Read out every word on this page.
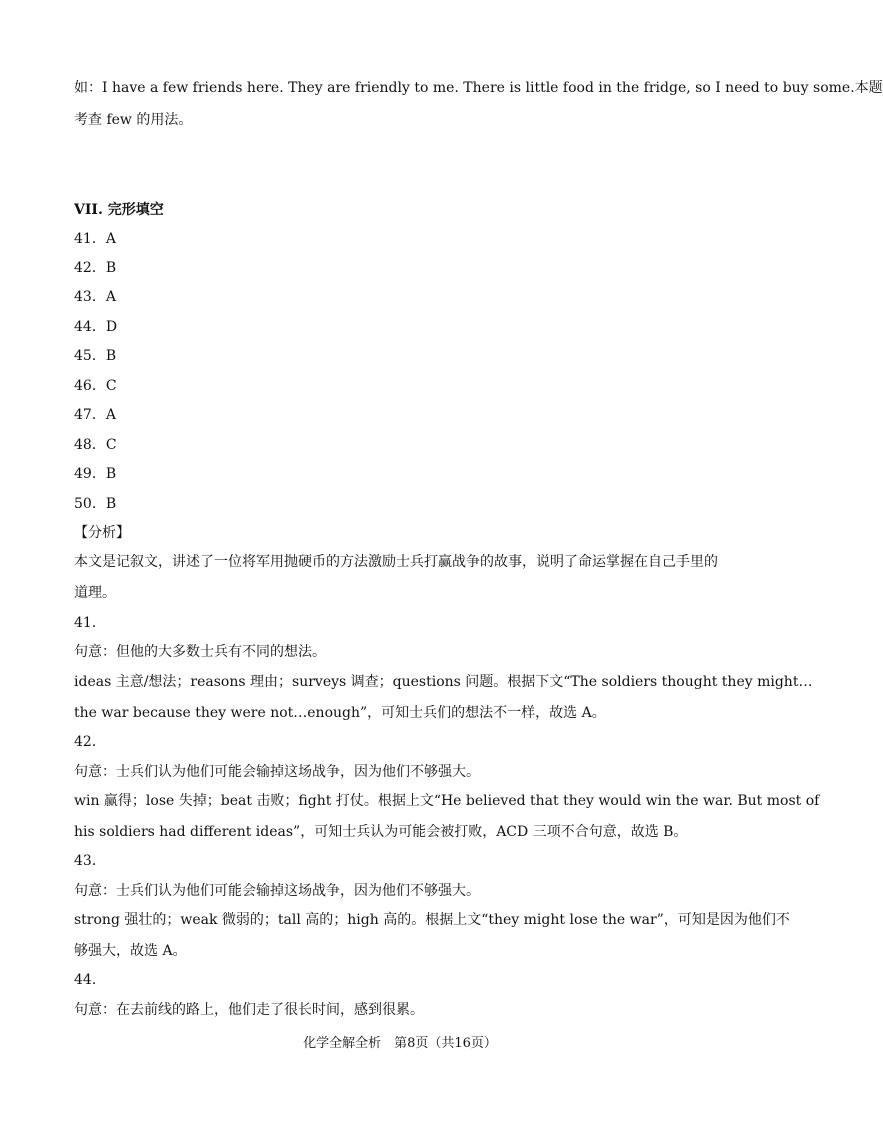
如：I have a few friends here. They are friendly to me. There is little food in the fridge, so I need to buy some.本题
考查 few 的用法。
VII. 完形填空
41．A
42．B
43．A
44．D
45．B
46．C
47．A
48．C
49．B
50．B
【分析】
本文是记叙文，讲述了一位将军用抛硬币的方法激励士兵打赢战争的故事，说明了命运掌握在自己手里的
道理。
41．
句意：但他的大多数士兵有不同的想法。
ideas 主意/想法；reasons 理由；surveys 调查；questions 问题。根据下文“The soldiers thought they might…
the war because they were not…enough”，可知士兵们的想法不一样，故选 A。
42．
句意：士兵们认为他们可能会输掉这场战争，因为他们不够强大。
win 赢得；lose 失掉；beat 击败；fight 打仗。根据上文“He believed that they would win the war. But most of
his soldiers had different ideas”，可知士兵认为可能会被打败，ACD 三项不合句意，故选 B。
43．
句意：士兵们认为他们可能会输掉这场战争，因为他们不够强大。
strong 强壮的；weak 微弱的；tall 高的；high 高的。根据上文“they might lose the war”，可知是因为他们不
够强大，故选 A。
44．
句意：在去前线的路上，他们走了很长时间，感到很累。
化学全解全析　第8页（共16页）
